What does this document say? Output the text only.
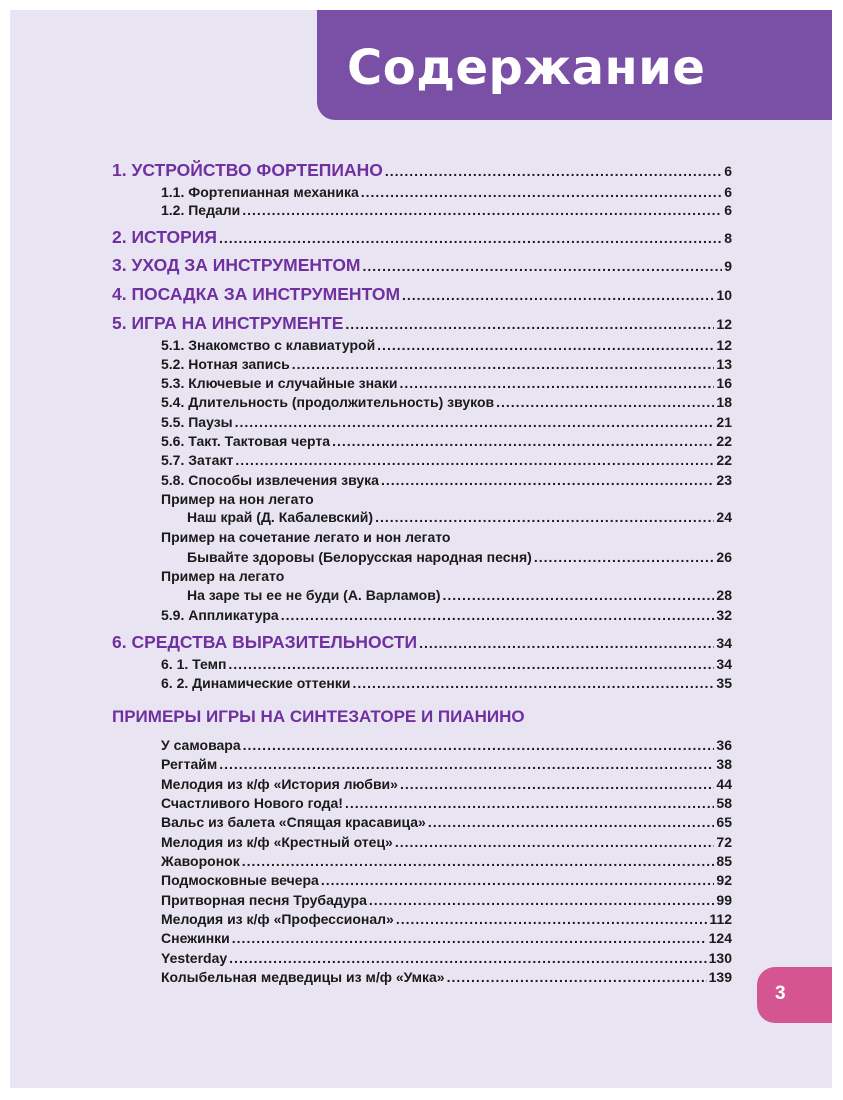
Содержание
1. УСТРОЙСТВО ФОРТЕПИАНО .....	6
1.1. Фортепианная механика .....	6
1.2. Педали .....	6
2. ИСТОРИЯ .....	8
3. УХОД ЗА ИНСТРУМЕНТОМ .....	9
4. ПОСАДКА ЗА ИНСТРУМЕНТОМ .....	10
5. ИГРА НА ИНСТРУМЕНТЕ .....	12
5.1. Знакомство с клавиатурой .....	12
5.2. Нотная запись .....	13
5.3. Ключевые и случайные знаки .....	16
5.4. Длительность (продолжительность) звуков .....	18
5.5. Паузы .....	21
5.6. Такт. Тактовая черта .....	22
5.7. Затакт .....	22
5.8. Способы извлечения звука .....	23
Пример на нон легато
Наш край (Д. Кабалевский) .....	24
Пример на сочетание легато и нон легато
Бывайте здоровы (Белорусская народная песня) .....	26
Пример на легато
На заре ты ее не буди (А. Варламов) .....	28
5.9. Аппликатура .....	32
6. СРЕДСТВА ВЫРАЗИТЕЛЬНОСТИ .....	34
6. 1. Темп .....	34
6. 2. Динамические оттенки .....	35
У самовара .....	36
Регтайм .....	38
Мелодия из к/ф «История любви» .....	44
Счастливого Нового года! .....	58
Вальс из балета «Спящая красавица» .....	65
Мелодия из к/ф «Крестный отец» .....	72
Жаворонок .....	85
Подмосковные вечера .....	92
Притворная песня Трубадура .....	99
Мелодия из к/ф «Профессионал» .....	112
Снежинки .....	124
Yesterday .....	130
Колыбельная медведицы из м/ф «Умка» .....	139
ПРИМЕРЫ ИГРЫ НА СИНТЕЗАТОРЕ И ПИАНИНО
3
